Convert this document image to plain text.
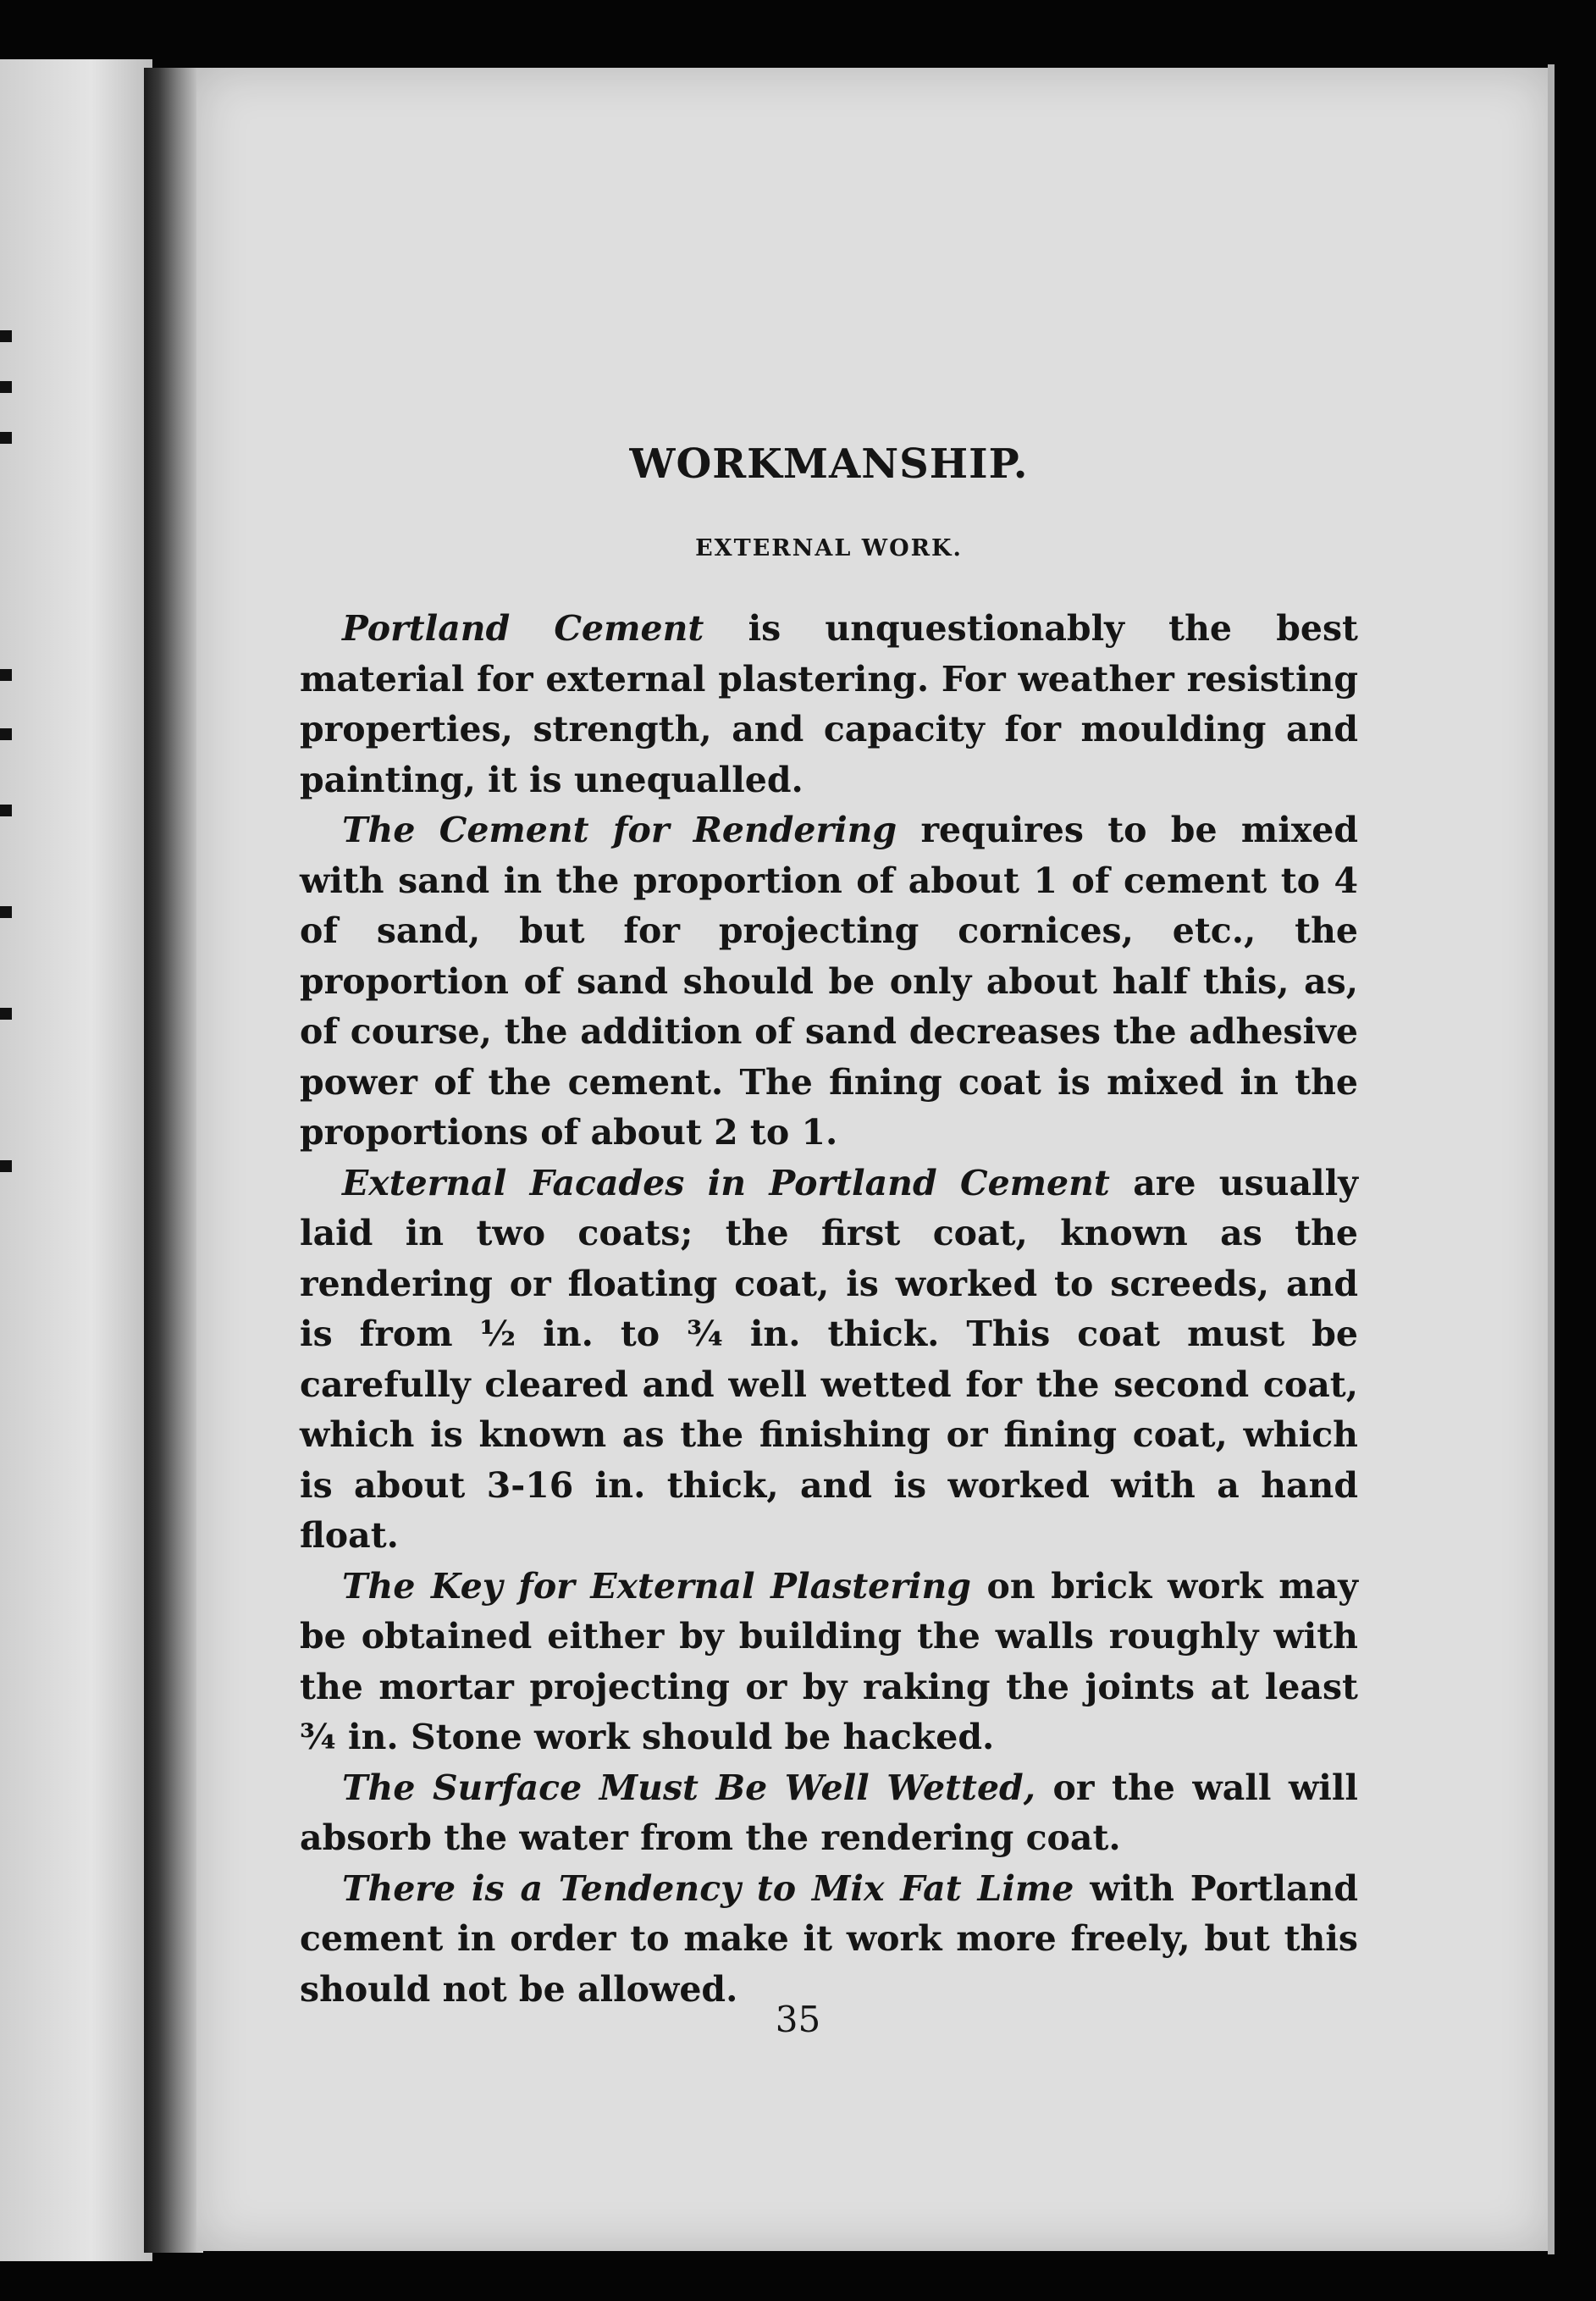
WORKMANSHIP.
EXTERNAL WORK.

Portland Cement is unquestionably the best material for external plastering. For weather resisting properties, strength, and capacity for moulding and painting, it is unequalled.

The Cement for Rendering requires to be mixed with sand in the proportion of about 1 of cement to 4 of sand, but for projecting cornices, etc., the proportion of sand should be only about half this, as, of course, the addition of sand decreases the adhesive power of the cement. The fining coat is mixed in the proportions of about 2 to 1.

External Facades in Portland Cement are usually laid in two coats; the first coat, known as the rendering or floating coat, is worked to screeds, and is from ½ in. to ¾ in. thick. This coat must be carefully cleared and well wetted for the second coat, which is known as the finishing or fining coat, which is about 3-16 in. thick, and is worked with a hand float.

The Key for External Plastering on brick work may be obtained either by building the walls roughly with the mortar projecting or by raking the joints at least ¾ in. Stone work should be hacked.

The Surface Must Be Well Wetted, or the wall will absorb the water from the rendering coat.

There is a Tendency to Mix Fat Lime with Portland cement in order to make it work more freely, but this should not be allowed.

35
